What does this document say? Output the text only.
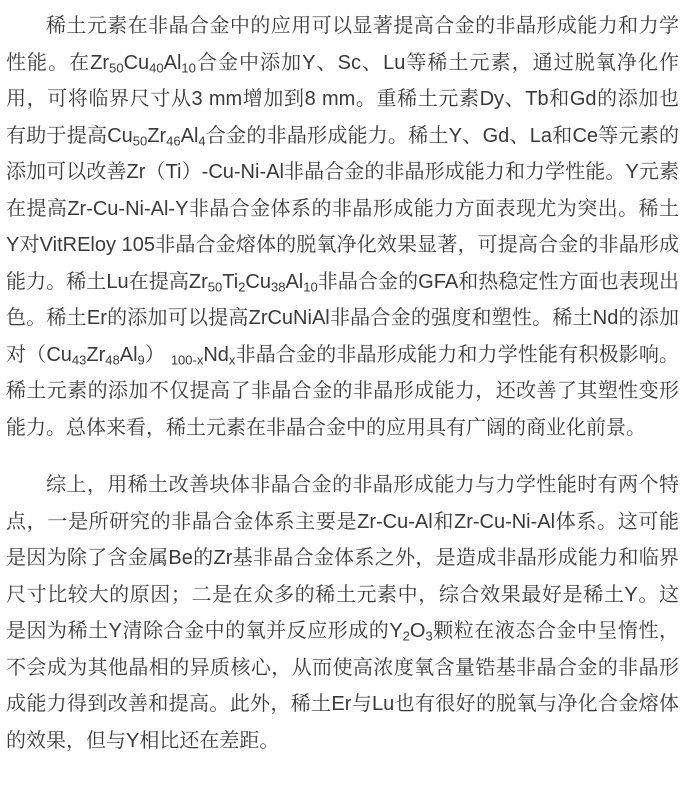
稀土元素在非晶合金中的应用可以显著提高合金的非晶形成能力和力学性能。在$Zr_{50}Cu_{40}Al_{10}$合金中添加Y、Sc、Lu等稀土元素，通过脱氧净化作用，可将临界尺寸从3 mm增加到8 mm。重稀土元素Dy、Tb和Gd的添加也有助于提高$Cu_{50}Zr_{46}Al_4$合金的非晶形成能力。稀土Y、Gd、La和Ce等元素的添加可以改善Zr（Ti）-Cu-Ni-Al非晶合金的非晶形成能力和力学性能。Y元素在提高Zr-Cu-Ni-Al-Y非晶合金体系的非晶形成能力方面表现尤为突出。稀土Y对VitREloy 105非晶合金熔体的脱氧净化效果显著，可提高合金的非晶形成能力。稀土Lu在提高$Zr_{50}Ti_2Cu_{38}Al_{10}$非晶合金的GFA和热稳定性方面也表现出色。稀土Er的添加可以提高ZrCuNiAl非晶合金的强度和塑性。稀土Nd的添加对$(Cu_{43}Zr_{48}Al_9)$ $_{100-x}Nd_x$非晶合金的非晶形成能力和力学性能有积极影响。稀土元素的添加不仅提高了非晶合金的非晶形成能力，还改善了其塑性变形能力。总体来看，稀土元素在非晶合金中的应用具有广阔的商业化前景。

综上，用稀土改善块体非晶合金的非晶形成能力与力学性能时有两个特点，一是所研究的非晶合金体系主要是Zr-Cu-Al和Zr-Cu-Ni-Al体系。这可能是因为除了含金属Be的Zr基非晶合金体系之外，是造成非晶形成能力和临界尺寸比较大的原因；二是在众多的稀土元素中，综合效果最好是稀土Y。这是因为稀土Y清除合金中的氧并反应形成的$Y_2O_3$颗粒在液态合金中呈惰性，不会成为其他晶相的异质核心，从而使高浓度氧含量锆基非晶合金的非晶形成能力得到改善和提高。此外，稀土Er与Lu也有很好的脱氧与净化合金熔体的效果，但与Y相比还在差距。
